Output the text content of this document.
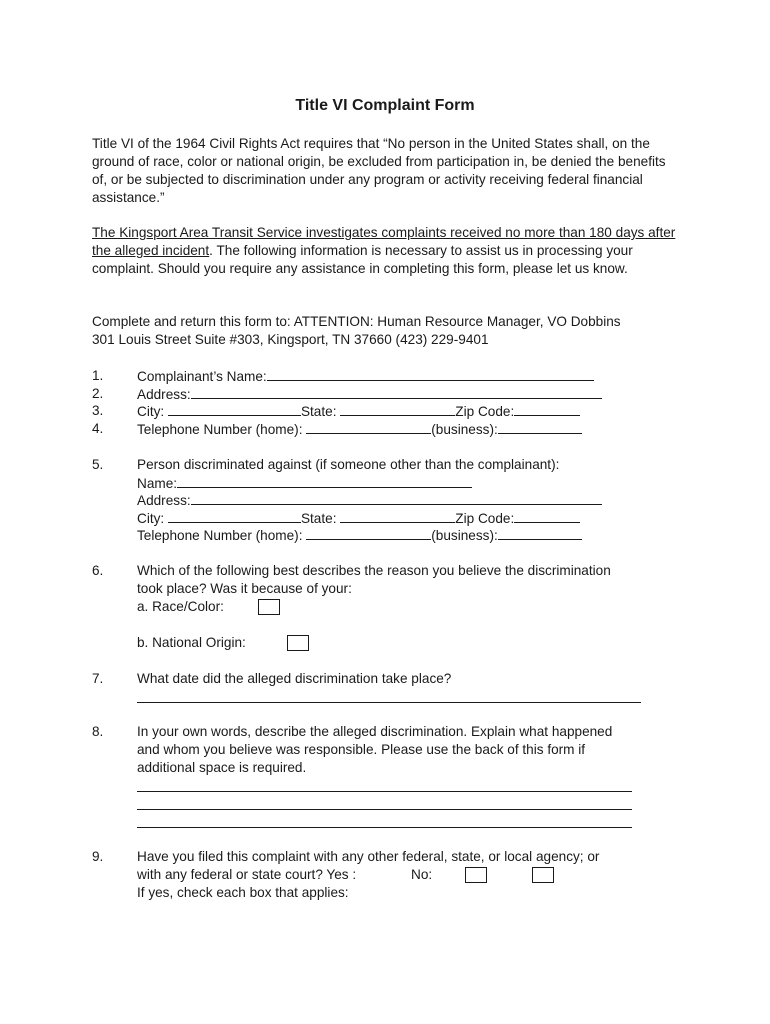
Title VI Complaint Form

Title VI of the 1964 Civil Rights Act requires that “No person in the United States shall, on the ground of race, color or national origin, be excluded from participation in, be denied the benefits of, or be subjected to discrimination under any program or activity receiving federal financial assistance.”

The Kingsport Area Transit Service investigates complaints received no more than 180 days after the alleged incident. The following information is necessary to assist us in processing your complaint. Should you require any assistance in completing this form, please let us know.

Complete and return this form to: ATTENTION: Human Resource Manager, VO Dobbins 301 Louis Street Suite #303, Kingsport, TN 37660 (423) 229-9401

1. Complainant’s Name:
2. Address:
3. City:	State:	Zip Code:
4. Telephone Number (home):	(business):
5. Person discriminated against (if someone other than the complainant):
Name:
Address:
City:	State:	Zip Code:
Telephone Number (home):	(business):
6. Which of the following best describes the reason you believe the discrimination
took place? Was it because of your:
a. Race/Color:
b. National Origin:
7. What date did the alleged discrimination take place?
8. In your own words, describe the alleged discrimination. Explain what happened
and whom you believe was responsible. Please use the back of this form if
additional space is required.
9. Have you filed this complaint with any other federal, state, or local agency; or
with any federal or state court? Yes :	No:
If yes, check each box that applies:
